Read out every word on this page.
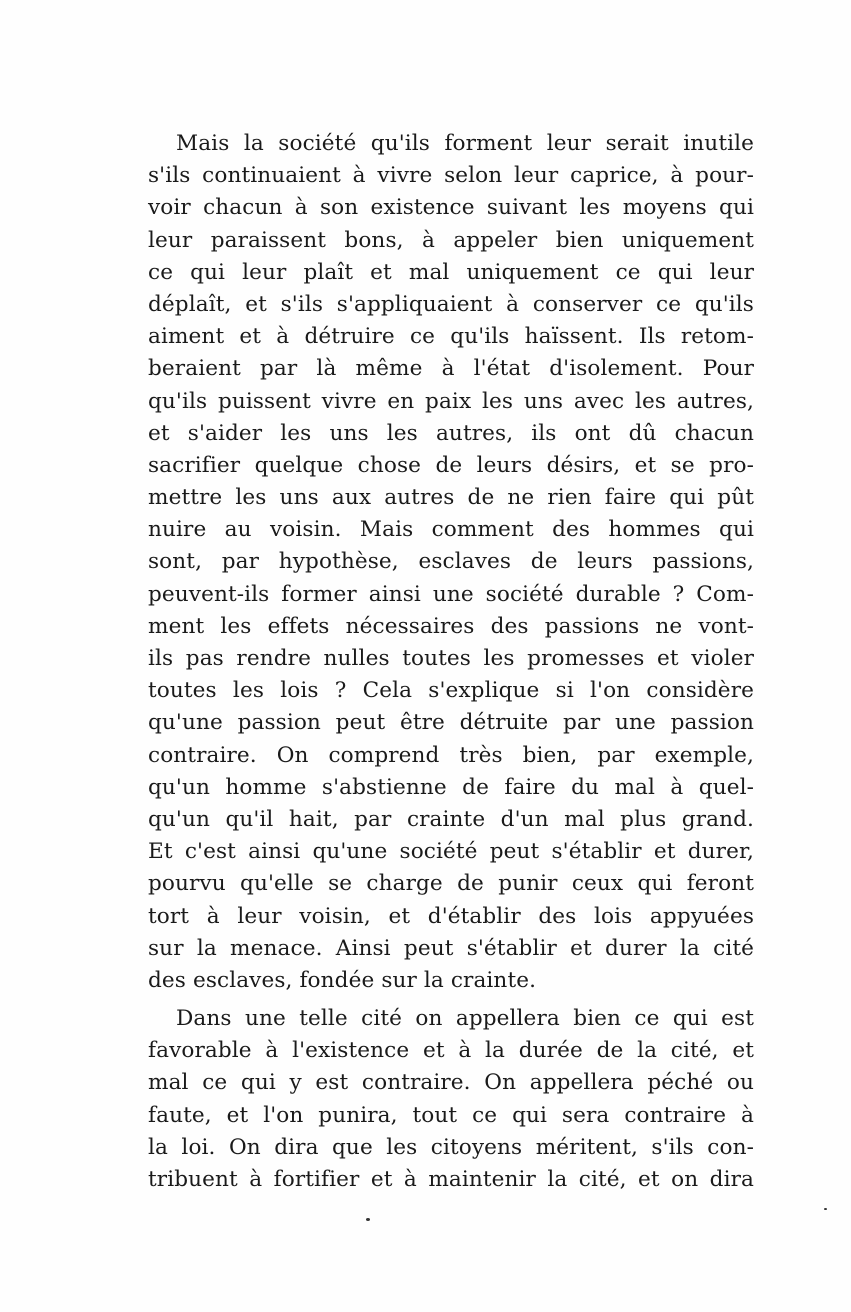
Mais la société qu'ils forment leur serait inutile
s'ils continuaient à vivre selon leur caprice, à pour-
voir chacun à son existence suivant les moyens qui
leur paraissent bons, à appeler bien uniquement
ce qui leur plaît et mal uniquement ce qui leur
déplaît, et s'ils s'appliquaient à conserver ce qu'ils
aiment et à détruire ce qu'ils haïssent. Ils retom-
beraient par là même à l'état d'isolement. Pour
qu'ils puissent vivre en paix les uns avec les autres,
et s'aider les uns les autres, ils ont dû chacun
sacrifier quelque chose de leurs désirs, et se pro-
mettre les uns aux autres de ne rien faire qui pût
nuire au voisin. Mais comment des hommes qui
sont, par hypothèse, esclaves de leurs passions,
peuvent-ils former ainsi une société durable ? Com-
ment les effets nécessaires des passions ne vont-
ils pas rendre nulles toutes les promesses et violer
toutes les lois ? Cela s'explique si l'on considère
qu'une passion peut être détruite par une passion
contraire. On comprend très bien, par exemple,
qu'un homme s'abstienne de faire du mal à quel-
qu'un qu'il hait, par crainte d'un mal plus grand.
Et c'est ainsi qu'une société peut s'établir et durer,
pourvu qu'elle se charge de punir ceux qui feront
tort à leur voisin, et d'établir des lois appyuées
sur la menace. Ainsi peut s'établir et durer la cité
des esclaves, fondée sur la crainte.
Dans une telle cité on appellera bien ce qui est
favorable à l'existence et à la durée de la cité, et
mal ce qui y est contraire. On appellera péché ou
faute, et l'on punira, tout ce qui sera contraire à
la loi. On dira que les citoyens méritent, s'ils con-
tribuent à fortifier et à maintenir la cité, et on dira
